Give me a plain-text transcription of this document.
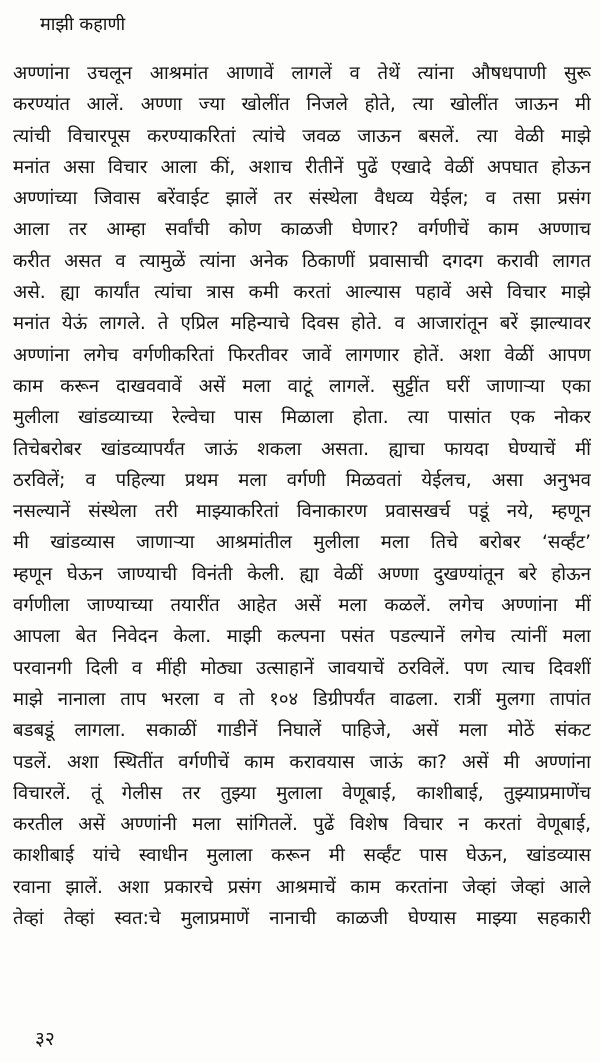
माझी कहाणी
अण्णांना उचलून आश्रमांत आणावें लागलें व तेथें त्यांना औषधपाणी सुरू
करण्यांत आलें. अण्णा ज्या खोलींत निजले होते, त्या खोलींत जाऊन मी
त्यांची विचारपूस करण्याकरितां त्यांचे जवळ जाऊन बसलें. त्या वेळी माझे
मनांत असा विचार आला कीं, अशाच रीतीनें पुढें एखादे वेळीं अपघात होऊन
अण्णांच्या जिवास बरेंवाईट झालें तर संस्थेला वैधव्य येईल; व तसा प्रसंग
आला तर आम्हा सर्वांची कोण काळजी घेणार? वर्गणीचें काम अण्णाच
करीत असत व त्यामुळें त्यांना अनेक ठिकाणीं प्रवासाची दगदग करावी लागत
असे. ह्या कार्यांत त्यांचा त्रास कमी करतां आल्यास पहावें असे विचार माझे
मनांत येऊं लागले. ते एप्रिल महिन्याचे दिवस होते. व आजारांतून बरें झाल्यावर
अण्णांना लगेच वर्गणीकरितां फिरतीवर जावें लागणार होतें. अशा वेळीं आपण
काम करून दाखववावें असें मला वाटूं लागलें. सुट्टींत घरीं जाणाऱ्या एका
मुलीला खांडव्याच्या रेल्वेचा पास मिळाला होता. त्या पासांत एक नोकर
तिचेबरोबर खांडव्यापर्यंत जाऊं शकला असता. ह्याचा फायदा घेण्याचें मीं
ठरविलें; व पहिल्या प्रथम मला वर्गणी मिळवतां येईलच, असा अनुभव
नसल्यानें संस्थेला तरी माझ्याकरितां विनाकारण प्रवासखर्च पडूं नये, म्हणून
मी खांडव्यास जाणाऱ्या आश्रमांतील मुलीला मला तिचे बरोबर ‘सर्व्हंट’
म्हणून घेऊन जाण्याची विनंती केली. ह्या वेळीं अण्णा दुखण्यांतून बरे होऊन
वर्गणीला जाण्याच्या तयारींत आहेत असें मला कळलें. लगेच अण्णांना मीं
आपला बेत निवेदन केला. माझी कल्पना पसंत पडल्यानें लगेच त्यांनीं मला
परवानगी दिली व मींही मोठ्या उत्साहानें जावयाचें ठरविलें. पण त्याच दिवशीं
माझे नानाला ताप भरला व तो १०४ डिग्रीपर्यंत वाढला. रात्रीं मुलगा तापांत
बडबडूं लागला. सकाळीं गाडीनें निघालें पाहिजे, असें मला मोठें संकट
पडलें. अशा स्थितींत वर्गणीचें काम करावयास जाऊं का? असें मी अण्णांना
विचारलें. तूं गेलीस तर तुझ्या मुलाला वेणूबाई, काशीबाई, तुझ्याप्रमाणेंच
करतील असें अण्णांनी मला सांगितलें. पुढें विशेष विचार न करतां वेणूबाई,
काशीबाई यांचे स्वाधीन मुलाला करून मी सर्व्हंट पास घेऊन, खांडव्यास
रवाना झालें. अशा प्रकारचे प्रसंग आश्रमाचें काम करतांना जेव्हां जेव्हां आले
तेव्हां तेव्हां स्वत:चे मुलाप्रमाणें नानाची काळजी घेण्यास माझ्या सहकारी
३२
